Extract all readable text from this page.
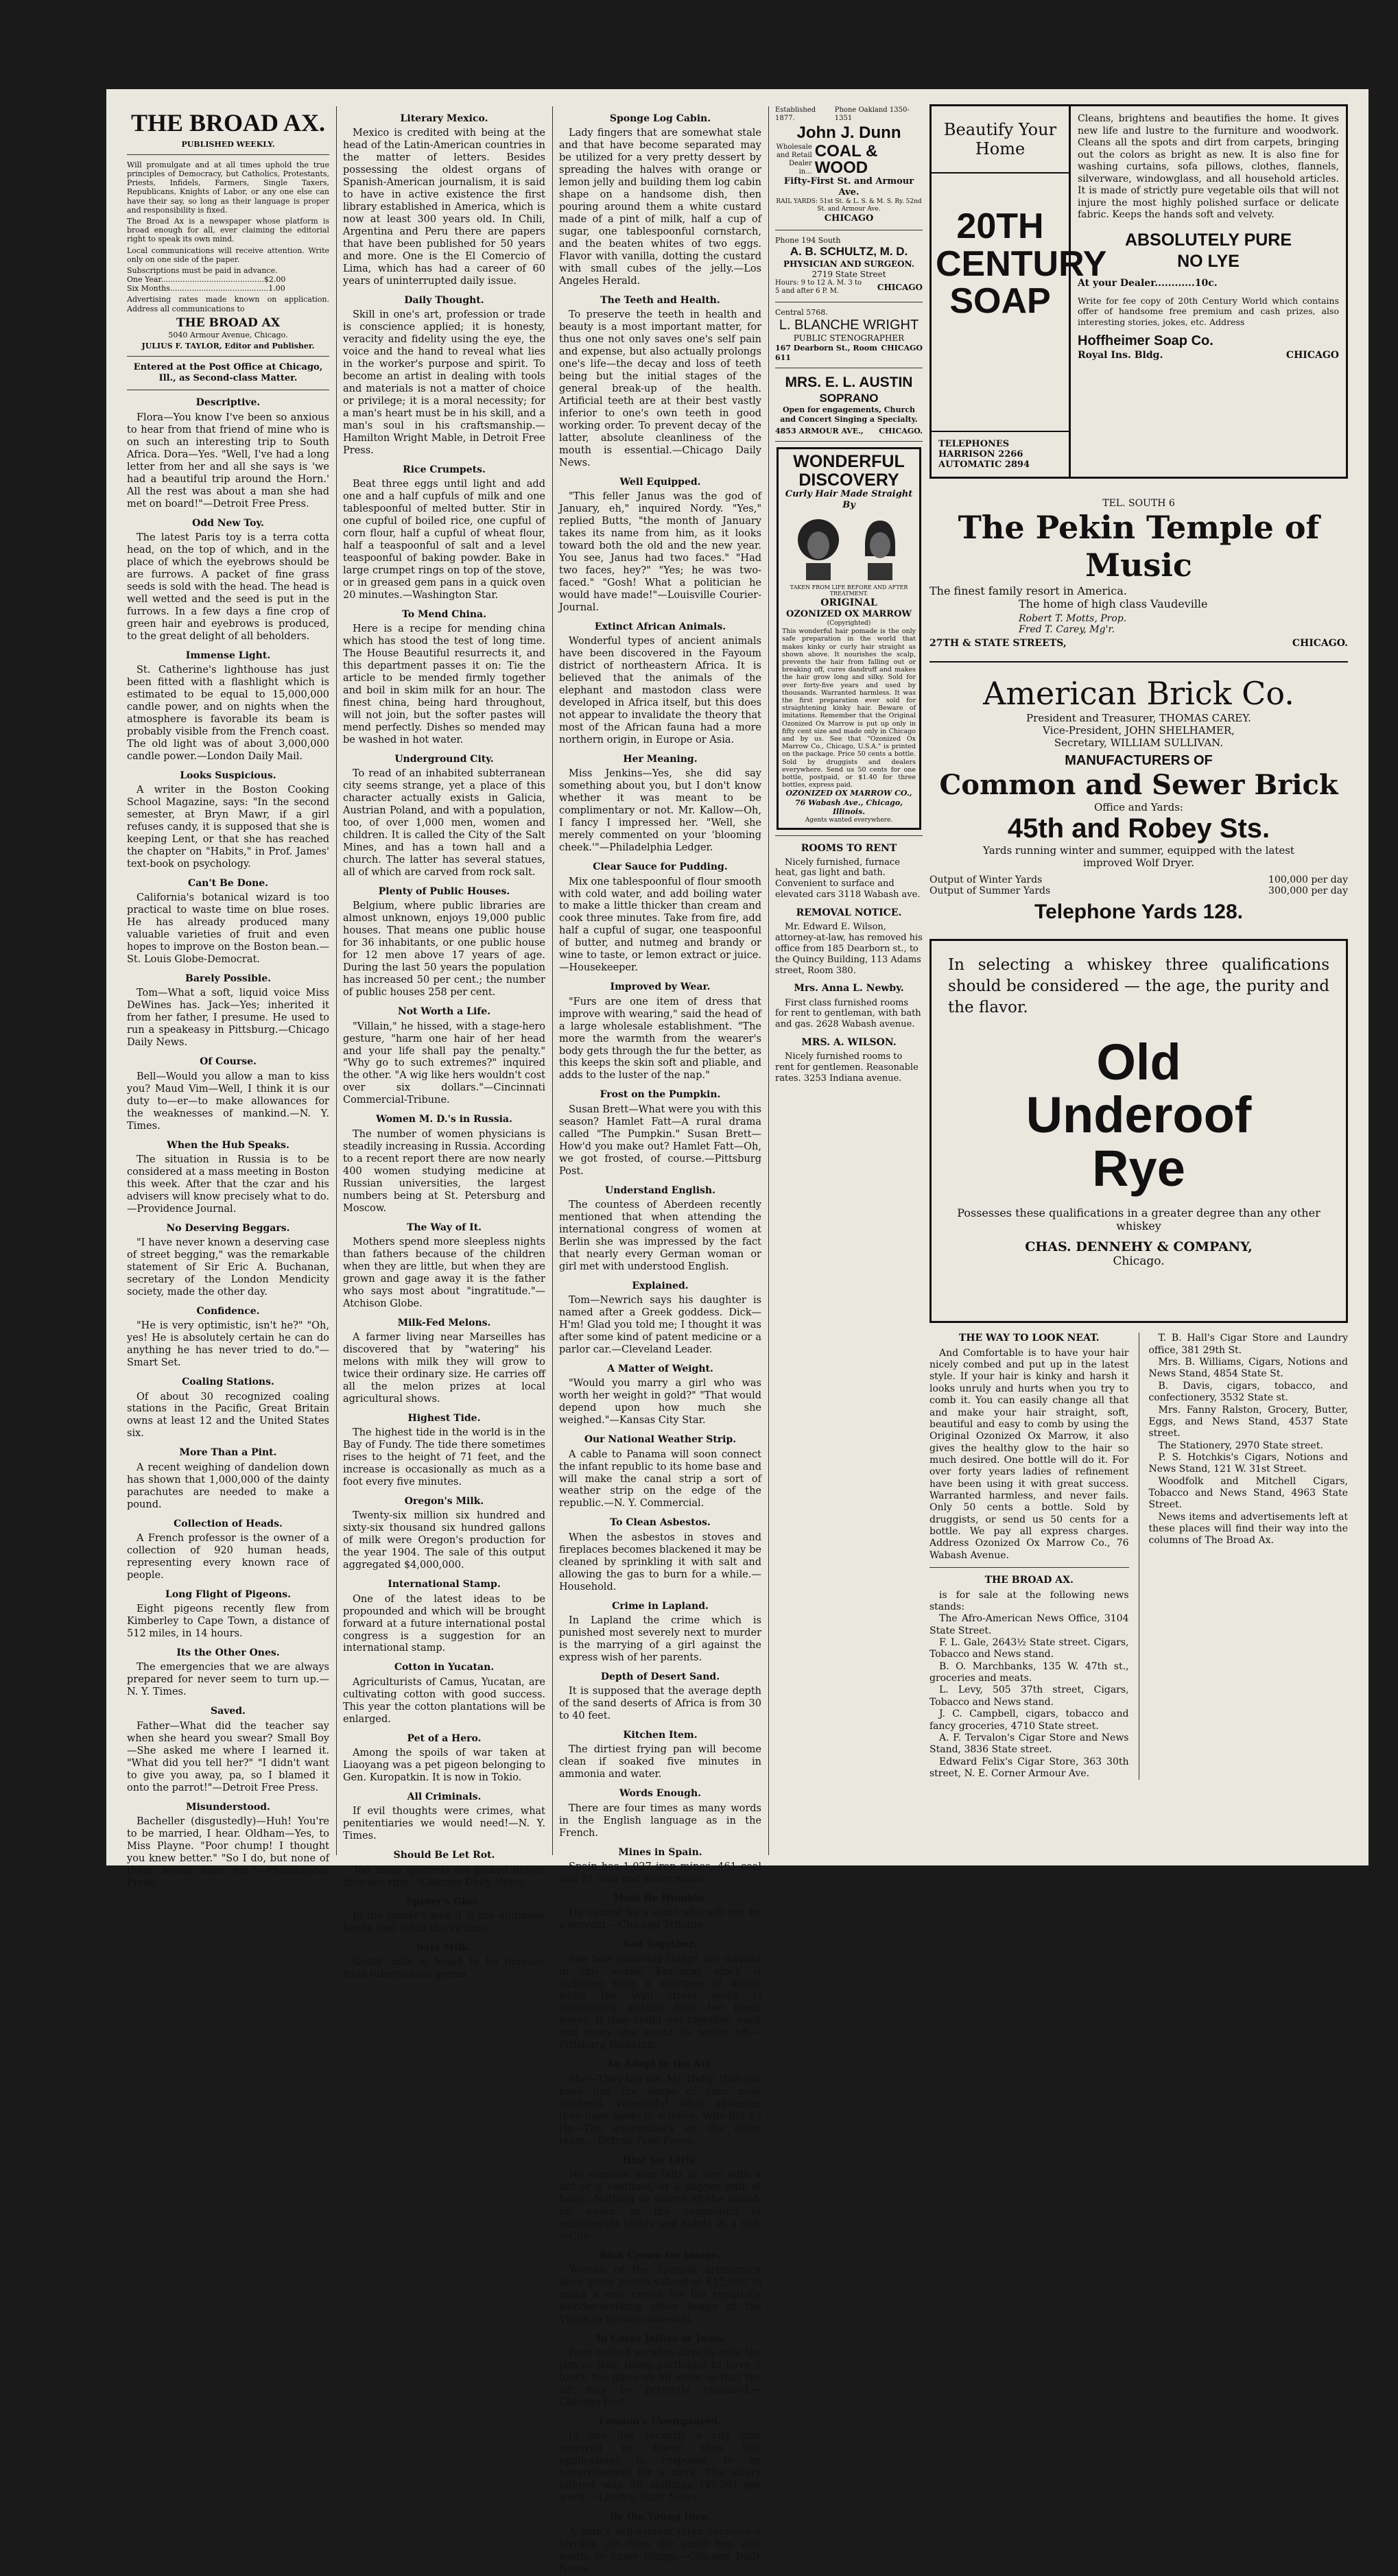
THE BROAD AX.
PUBLISHED WEEKLY.
Will promulgate and at all times uphold the true principles of Democracy, but Catholics, Protestants, Priests, Infidels, Farmers, Single Taxers, Republicans, Knights of Labor, or any one else can have their say, so long as their language is proper and responsibility is fixed.
The Broad Ax is a newspaper whose platform is broad enough for all, ever claiming the editorial right to speak its own mind.
Local communications will receive attention. Write only on one side of the paper.
Subscriptions must be paid in advance.
One Year...........................................$2.00
Six Months.........................................1.00
Advertising rates made known on application. Address all communications to
THE BROAD AX
5040 Armour Avenue, Chicago.
JULIUS F. TAYLOR, Editor and Publisher.
Entered at the Post Office at Chicago, Ill., as Second-class Matter.
Descriptive.

Flora—You know I've been so anxious to hear from that friend of mine who is on such an interesting trip to South Africa. Dora—Yes. "Well, I've had a long letter from her and all she says is 'we had a beautiful trip around the Horn.' All the rest was about a man she had met on board!"—Detroit Free Press.

Odd New Toy.

The latest Paris toy is a terra cotta head, on the top of which, and in the place of which the eyebrows should be are furrows. A packet of fine grass seeds is sold with the head. The head is well wetted and the seed is put in the furrows. In a few days a fine crop of green hair and eyebrows is produced, to the great delight of all beholders.

Immense Light.

St. Catherine's lighthouse has just been fitted with a flashlight which is estimated to be equal to 15,000,000 candle power, and on nights when the atmosphere is favorable its beam is probably visible from the French coast. The old light was of about 3,000,000 candle power.—London Daily Mail.

Looks Suspicious.

A writer in the Boston Cooking School Magazine, says: "In the second semester, at Bryn Mawr, if a girl refuses candy, it is supposed that she is keeping Lent, or that she has reached the chapter on "Habits," in Prof. James' text-book on psychology.

Can't Be Done.

California's botanical wizard is too practical to waste time on blue roses. He has already produced many valuable varieties of fruit and even hopes to improve on the Boston bean.—St. Louis Globe-Democrat.

Barely Possible.

Tom—What a soft, liquid voice Miss DeWines has. Jack—Yes; inherited it from her father, I presume. He used to run a speakeasy in Pittsburg.—Chicago Daily News.

Of Course.

Bell—Would you allow a man to kiss you? Maud Vim—Well, I think it is our duty to—er—to make allowances for the weaknesses of mankind.—N. Y. Times.

When the Hub Speaks.

The situation in Russia is to be considered at a mass meeting in Boston this week. After that the czar and his advisers will know precisely what to do.—Providence Journal.

No Deserving Beggars.

"I have never known a deserving case of street begging," was the remarkable statement of Sir Eric A. Buchanan, secretary of the London Mendicity society, made the other day.

Confidence.

"He is very optimistic, isn't he?" "Oh, yes! He is absolutely certain he can do anything he has never tried to do."—Smart Set.

Coaling Stations.

Of about 30 recognized coaling stations in the Pacific, Great Britain owns at least 12 and the United States six.

More Than a Pint.

A recent weighing of dandelion down has shown that 1,000,000 of the dainty parachutes are needed to make a pound.

Collection of Heads.

A French professor is the owner of a collection of 920 human heads, representing every known race of people.

Long Flight of Pigeons.

Eight pigeons recently flew from Kimberley to Cape Town, a distance of 512 miles, in 14 hours.

Its the Other Ones.

The emergencies that we are always prepared for never seem to turn up.—N. Y. Times.

Saved.

Father—What did the teacher say when she heard you swear? Small Boy—She asked me where I learned it. "What did you tell her?" "I didn't want to give you away, pa, so I blamed it onto the parrot!"—Detroit Free Press.

Misunderstood.

Bacheller (disgustedly)—Huh! You're to be married, I hear. Oldham—Yes, to Miss Playne. "Poor chump! I thought you knew better." "So I do, but none of them would have me."—Philadelphia Press.

Literary Mexico.

Mexico is credited with being at the head of the Latin-American countries in the matter of letters. Besides possessing the oldest organs of Spanish-American journalism, it is said to have in active existence the first library established in America, which is now at least 300 years old. In Chili, Argentina and Peru there are papers that have been published for 50 years and more. One is the El Comercio of Lima, which has had a career of 60 years of uninterrupted daily issue.

Daily Thought.

Skill in one's art, profession or trade is conscience applied; it is honesty, veracity and fidelity using the eye, the voice and the hand to reveal what lies in the worker's purpose and spirit. To become an artist in dealing with tools and materials is not a matter of choice or privilege; it is a moral necessity; for a man's heart must be in his skill, and a man's soul in his craftsmanship.—Hamilton Wright Mable, in Detroit Free Press.

Rice Crumpets.

Beat three eggs until light and add one and a half cupfuls of milk and one tablespoonful of melted butter. Stir in one cupful of boiled rice, one cupful of corn flour, half a cupful of wheat flour, half a teaspoonful of salt and a level teaspoonful of baking powder. Bake in large crumpet rings on top of the stove, or in greased gem pans in a quick oven 20 minutes.—Washington Star.

To Mend China.

Here is a recipe for mending china which has stood the test of long time. The House Beautiful resurrects it, and this department passes it on: Tie the article to be mended firmly together and boil in skim milk for an hour. The finest china, being hard throughout, will not join, but the softer pastes will mend perfectly. Dishes so mended may be washed in hot water.

Underground City.

To read of an inhabited subterranean city seems strange, yet a place of this character actually exists in Galicia, Austrian Poland, and with a population, too, of over 1,000 men, women and children. It is called the City of the Salt Mines, and has a town hall and a church. The latter has several statues, all of which are carved from rock salt.

Plenty of Public Houses.

Belgium, where public libraries are almost unknown, enjoys 19,000 public houses. That means one public house for 36 inhabitants, or one public house for 12 men above 17 years of age. During the last 50 years the population has increased 50 per cent.; the number of public houses 258 per cent.

Not Worth a Life.

"Villain," he hissed, with a stage-hero gesture, "harm one hair of her head and your life shall pay the penalty." "Why go to such extremes?" inquired the other. "A wig like hers wouldn't cost over six dollars."—Cincinnati Commercial-Tribune.

Women M. D.'s in Russia.

The number of women physicians is steadily increasing in Russia. According to a recent report there are now nearly 400 women studying medicine at Russian universities, the largest numbers being at St. Petersburg and Moscow.

The Way of It.

Mothers spend more sleepless nights than fathers because of the children when they are little, but when they are grown and gage away it is the father who says most about "ingratitude."—Atchison Globe.

Milk-Fed Melons.

A farmer living near Marseilles has discovered that by "watering" his melons with milk they will grow to twice their ordinary size. He carries off all the melon prizes at local agricultural shows.

Highest Tide.

The highest tide in the world is in the Bay of Fundy. The tide there sometimes rises to the height of 71 feet, and the increase is occasionally as much as a foot every five minutes.

Oregon's Milk.

Twenty-six million six hundred and sixty-six thousand six hundred gallons of milk were Oregon's production for the year 1904. The sale of this output aggregated $4,000,000.

International Stamp.

One of the latest ideas to be propounded and which will be brought forward at a future international postal congress is a suggestion for an international stamp.

Cotton in Yucatan.

Agriculturists of Camus, Yucatan, are cultivating cotton with good success. This year the cotton plantations will be enlarged.

Pet of a Hero.

Among the spoils of war taken at Liaoyang was a pet pigeon belonging to Gen. Kuropatkin. It is now in Tokio.

All Criminals.

If evil thoughts were crimes, what penitentiaries we would need!—N. Y. Times.

Should Be Let Rot.

Too many quarrels are picked before they are ripe.—Chicago Daily News.

Spider's Glue.

In the spider's web it is the glutinous beads that catch the victims.

Safe Milk.

Goats' milk is found to be immune from tuberculosis germs.

Sponge Log Cabin.

Lady fingers that are somewhat stale and that have become separated may be utilized for a very pretty dessert by spreading the halves with orange or lemon jelly and building them log cabin shape on a handsome dish, then pouring around them a white custard made of a pint of milk, half a cup of sugar, one tablespoonful cornstarch, and the beaten whites of two eggs. Flavor with vanilla, dotting the custard with small cubes of the jelly.—Los Angeles Herald.

The Teeth and Health.

To preserve the teeth in health and beauty is a most important matter, for thus one not only saves one's self pain and expense, but also actually prolongs one's life—the decay and loss of teeth being but the initial stages of the general break-up of the health. Artificial teeth are at their best vastly inferior to one's own teeth in good working order. To prevent decay of the latter, absolute cleanliness of the mouth is essential.—Chicago Daily News.

Well Equipped.

"This feller Janus was the god of January, eh," inquired Nordy. "Yes," replied Butts, "the month of January takes its name from him, as it looks toward both the old and the new year. You see, Janus had two faces." "Had two faces, hey?" "Yes; he was two-faced." "Gosh! What a politician he would have made!"—Louisville Courier-Journal.

Extinct African Animals.

Wonderful types of ancient animals have been discovered in the Fayoum district of northeastern Africa. It is believed that the animals of the elephant and mastodon class were developed in Africa itself, but this does not appear to invalidate the theory that most of the African fauna had a more northern origin, in Europe or Asia.

Her Meaning.

Miss Jenkins—Yes, she did say something about you, but I don't know whether it was meant to be complimentary or not. Mr. Kallow—Oh, I fancy I impressed her. "Well, she merely commented on your 'blooming cheek.'"—Philadelphia Ledger.

Clear Sauce for Pudding.

Mix one tablespoonful of flour smooth with cold water, and add boiling water to make a little thicker than cream and cook three minutes. Take from fire, add half a cupful of sugar, one teaspoonful of butter, and nutmeg and brandy or wine to taste, or lemon extract or juice.—Housekeeper.

Improved by Wear.

"Furs are one item of dress that improve with wearing," said the head of a large wholesale establishment. "The more the warmth from the wearer's body gets through the fur the better, as this keeps the skin soft and pliable, and adds to the luster of the nap."

Frost on the Pumpkin.

Susan Brett—What were you with this season? Hamlet Fatt—A rural drama called "The Pumpkin." Susan Brett—How'd you make out? Hamlet Fatt—Oh, we got frosted, of course.—Pittsburg Post.

Understand English.

The countess of Aberdeen recently mentioned that when attending the international congress of women at Berlin she was impressed by the fact that nearly every German woman or girl met with understood English.

Explained.

Tom—Newrich says his daughter is named after a Greek goddess. Dick—H'm! Glad you told me; I thought it was after some kind of patent medicine or a parlor car.—Cleveland Leader.

A Matter of Weight.

"Would you marry a girl who was worth her weight in gold?" "That would depend upon how much she weighed."—Kansas City Star.

Our National Weather Strip.

A cable to Panama will soon connect the infant republic to its home base and will make the canal strip a sort of weather strip on the edge of the republic.—N. Y. Commercial.

To Clean Asbestos.

When the asbestos in stoves and fireplaces becomes blackened it may be cleaned by sprinkling it with salt and allowing the gas to burn for a while.—Household.

Crime in Lapland.

In Lapland the crime which is punished most severely next to murder is the marrying of a girl against the express wish of her parents.

Depth of Desert Sand.

It is supposed that the average depth of the sand deserts of Africa is from 30 to 40 feet.

Kitchen Item.

The dirtiest frying pan will become clean if soaked five minutes in ammonia and water.

Words Enough.

There are four times as many words in the English language as in the French.

Mines in Spain.

Spain has 1,027 iron mines, 461 coal and 21 lead and silver mines.

Must Be Humble.

He cannot be a saint who will not be a servant.—Chicago Tribune.

Get Together.

See how unevenly things are divided in this world! Kentucky stock is suffering from a shortage of water, while the Wall street stock is undergoing qualms from too much water. If they could get together, each and every one would be better off.—Pittsburg Dispatch.

An Adept in the Art.

She—They tell me, Mr. Hefty, that you have had the shape of your nose changed. Wonderful what advances they have made in science. Who did it? He—The quarterback on the other team.—Detroit Free Press.

Hint for Girls.

No sensible man falls in love with a hat or a costume, or a dapper pair of boots. Nothing so scares off the would-be wooer as the suggestion of extravagant tastes and habits in a girl.—Chic.

Rich Crown for Image.

Women of the Spanish aristocracy have given jewels valued at £15,000 to make a new crown for the reputedly wonder-working silver image of the Virgin in Seville cathedral.

To Cover Jellies or Jams.

Pour melted paraffin directly onto the jam or jelly, being particular to have it touch the glass on all sides so that the air may be perfectly excluded.—Chicago Post.

London's Unemployed.

In one day recently a city firm received no fewer than 998 applications in response to an advertisement for a clerk. The salary offered was 30 shillings ($7.50) per week.—London Daily News.

By the Young Idea.

A man's self-esteem often receives a terrible jolt from the small boy who wants to know things.—Chicago Daily News.

Established 1877.
Phone Oakland 1350-1351
John J. Dunn
Wholesale and Retail Dealer in...
COAL & WOOD
Fifty-First St. and Armour Ave.
RAIL YARDS: 51st St. & L. S. & M. S. Ry. 52nd St. and Armour Ave.
CHICAGO
Phone 194 South
A. B. SCHULTZ, M. D.
PHYSICIAN AND SURGEON.
2719 State Street
Hours: 9 to 12 A. M. 3 to 5 and after 6 P. M.	CHICAGO
Central 5768.
L. BLANCHE WRIGHT
PUBLIC STENOGRAPHER
167 Dearborn St., Room 611
CHICAGO
MRS. E. L. AUSTIN
SOPRANO
Open for engagements, Church and Concert Singing a Specialty.
4853 ARMOUR AVE., CHICAGO.
WONDERFUL DISCOVERY
Curly Hair Made Straight By
TAKEN FROM LIFE BEFORE AND AFTER TREATMENT.
ORIGINAL
OZONIZED OX MARROW
(Copyrighted)
This wonderful hair pomade is the only safe preparation in the world that makes kinky or curly hair straight as shown above. It nourishes the scalp, prevents the hair from falling out or breaking off, cures dandruff and makes the hair grow long and silky. Sold for over forty-five years and used by thousands. Warranted harmless. It was the first preparation ever sold for straightening kinky hair. Beware of imitations. Remember that the Original Ozonized Ox Marrow is put up only in fifty cent size and made only in Chicago and by us. See that "Ozonized Ox Marrow Co., Chicago, U.S.A." is printed on the package. Price 50 cents a bottle. Sold by druggists and dealers everywhere. Send us 50 cents for one bottle, postpaid, or $1.40 for three bottles, express paid.
OZONIZED OX MARROW CO.,
76 Wabash Ave., Chicago, Illinois.
Agents wanted everywhere.
ROOMS TO RENT

Nicely furnished, furnace heat, gas light and bath. Convenient to surface and elevated cars 3118 Wabash ave.

REMOVAL NOTICE.

Mr. Edward E. Wilson, attorney-at-law, has removed his office from 185 Dearborn st., to the Quincy Building, 113 Adams street, Room 380.

Mrs. Anna L. Newby.

First class furnished rooms for rent to gentleman, with bath and gas. 2628 Wabash avenue.

MRS. A. WILSON.

Nicely furnished rooms to rent for gentlemen. Reasonable rates. 3253 Indiana avenue.

Beautify Your Home
20TH CENTURY SOAP
TELEPHONES
HARRISON 2266
AUTOMATIC 2894
Cleans, brightens and beautifies the home. It gives new life and lustre to the furniture and woodwork. Cleans all the spots and dirt from carpets, bringing out the colors as bright as new. It is also fine for washing curtains, sofa pillows, clothes, flannels, silverware, windowglass, and all household articles. It is made of strictly pure vegetable oils that will not injure the most highly polished surface or delicate fabric. Keeps the hands soft and velvety.
ABSOLUTELY PURE
NO LYE
At your Dealer............10c.
Write for fee copy of 20th Century World which contains offer of handsome free premium and cash prizes, also interesting stories, jokes, etc. Address
Hoffheimer Soap Co.
Royal Ins. Bldg.	CHICAGO
TEL. SOUTH 6
The Pekin Temple of Music
The finest family resort in America.
The home of high class Vaudeville
Robert T. Motts, Prop.
Fred T. Carey, Mg'r.
27TH & STATE STREETS,	CHICAGO.
American Brick Co.
President and Treasurer, THOMAS CAREY.
Vice-President, JOHN SHELHAMER,
Secretary, WILLIAM SULLIVAN.
MANUFACTURERS OF
Common and Sewer Brick
Office and Yards:
45th and Robey Sts.
Yards running winter and summer, equipped with the latest improved Wolf Dryer.
Output of Winter Yards	100,000 per day
Output of Summer Yards	300,000 per day
Telephone Yards 128.
In selecting a whiskey three qualifications should be considered — the age, the purity and the flavor.
Old
Underoof
Rye
Possesses these qualifications in a greater degree than any other whiskey
CHAS. DENNEHY & COMPANY,
Chicago.
THE WAY TO LOOK NEAT.

And Comfortable is to have your hair nicely combed and put up in the latest style. If your hair is kinky and harsh it looks unruly and hurts when you try to comb it. You can easily change all that and make your hair straight, soft, beautiful and easy to comb by using the Original Ozonized Ox Marrow, it also gives the healthy glow to the hair so much desired. One bottle will do it. For over forty years ladies of refinement have been using it with great success. Warranted harmless, and never fails. Only 50 cents a bottle. Sold by druggists, or send us 50 cents for a bottle. We pay all express charges. Address Ozonized Ox Marrow Co., 76 Wabash Avenue.

THE BROAD AX.

is for sale at the following news stands:

The Afro-American News Office, 3104 State Street.

F. L. Gale, 2643½ State street. Cigars, Tobacco and News stand.

B. O. Marchbanks, 135 W. 47th st., groceries and meats.

L. Levy, 505 37th street, Cigars, Tobacco and News stand.

J. C. Campbell, cigars, tobacco and fancy groceries, 4710 State street.

A. F. Tervalon's Cigar Store and News Stand, 3836 State street.

Edward Felix's Cigar Store, 363 30th street, N. E. Corner Armour Ave.

T. B. Hall's Cigar Store and Laundry office, 381 29th St.

Mrs. B. Williams, Cigars, Notions and News Stand, 4854 State St.

B. Davis, cigars, tobacco, and confectionery, 3532 State st.

Mrs. Fanny Ralston, Grocery, Butter, Eggs, and News Stand, 4537 State street.

The Stationery, 2970 State street.

P. S. Hotchkis's Cigars, Notions and News Stand, 121 W. 31st Street.

Woodfolk and Mitchell Cigars, Tobacco and News Stand, 4963 State Street.

News items and advertisements left at these places will find their way into the columns of The Broad Ax.
